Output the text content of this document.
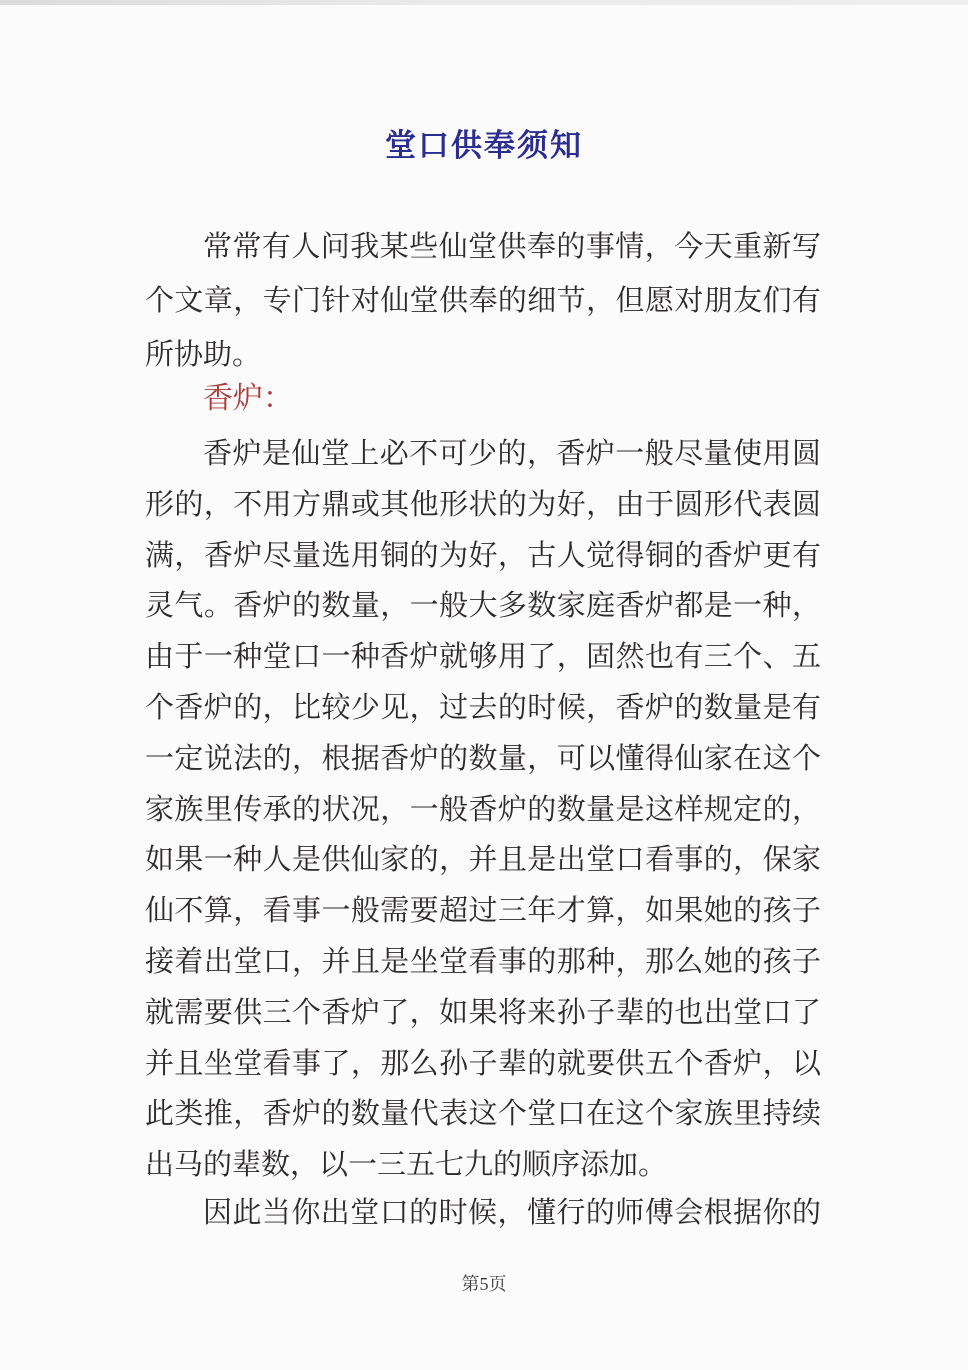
堂口供奉须知
常常有人问我某些仙堂供奉的事情，今天重新写
个文章，专门针对仙堂供奉的细节，但愿对朋友们有
所协助。
香炉：
香炉是仙堂上必不可少的，香炉一般尽量使用圆
形的，不用方鼎或其他形状的为好，由于圆形代表圆
满，香炉尽量选用铜的为好，古人觉得铜的香炉更有
灵气。香炉的数量，一般大多数家庭香炉都是一种，
由于一种堂口一种香炉就够用了，固然也有三个、五
个香炉的，比较少见，过去的时候，香炉的数量是有
一定说法的，根据香炉的数量，可以懂得仙家在这个
家族里传承的状况，一般香炉的数量是这样规定的，
如果一种人是供仙家的，并且是出堂口看事的，保家
仙不算，看事一般需要超过三年才算，如果她的孩子
接着出堂口，并且是坐堂看事的那种，那么她的孩子
就需要供三个香炉了，如果将来孙子辈的也出堂口了
并且坐堂看事了，那么孙子辈的就要供五个香炉，以
此类推，香炉的数量代表这个堂口在这个家族里持续
出马的辈数，以一三五七九的顺序添加。
因此当你出堂口的时候，懂行的师傅会根据你的
第5页
